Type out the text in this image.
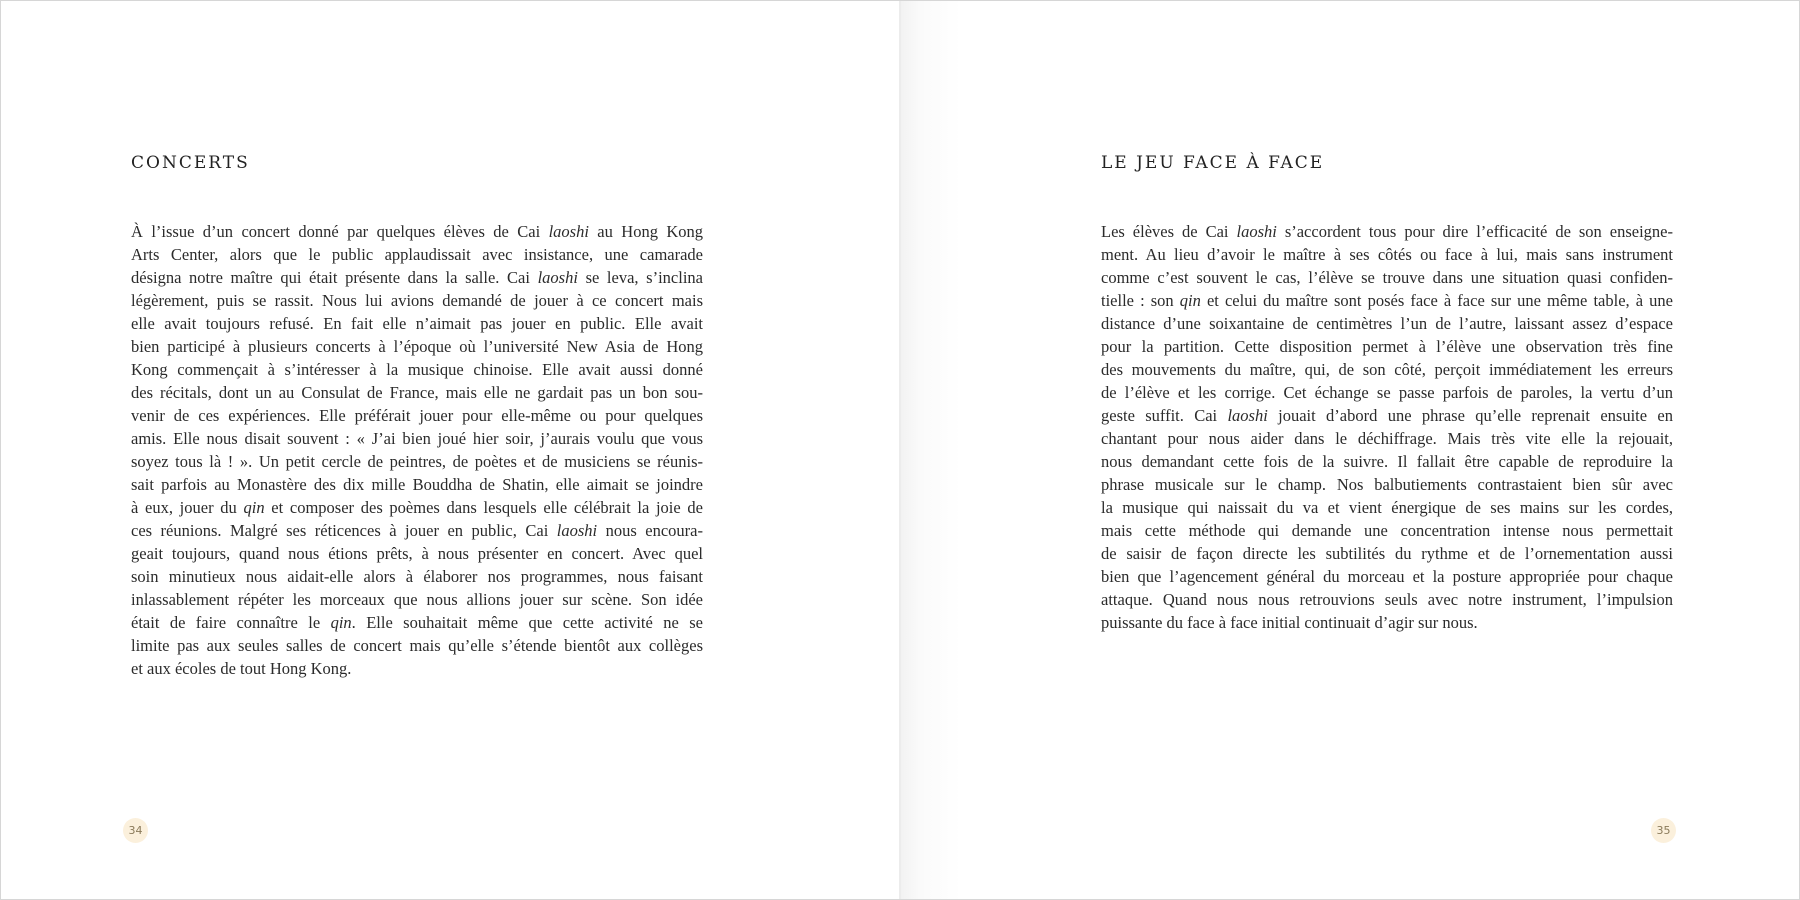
CONCERTS
À l’issue d’un concert donné par quelques élèves de Cai laoshi au Hong Kong
Arts Center, alors que le public applaudissait avec insistance, une camarade
désigna notre maître qui était présente dans la salle. Cai laoshi se leva, s’inclina
légèrement, puis se rassit. Nous lui avions demandé de jouer à ce concert mais
elle avait toujours refusé. En fait elle n’aimait pas jouer en public. Elle avait
bien participé à plusieurs concerts à l’époque où l’université New Asia de Hong
Kong commençait à s’intéresser à la musique chinoise. Elle avait aussi donné
des récitals, dont un au Consulat de France, mais elle ne gardait pas un bon sou-
venir de ces expériences. Elle préférait jouer pour elle-même ou pour quelques
amis. Elle nous disait souvent : « J’ai bien joué hier soir, j’aurais voulu que vous
soyez tous là ! ». Un petit cercle de peintres, de poètes et de musiciens se réunis-
sait parfois au Monastère des dix mille Bouddha de Shatin, elle aimait se joindre
à eux, jouer du qin et composer des poèmes dans lesquels elle célébrait la joie de
ces réunions. Malgré ses réticences à jouer en public, Cai laoshi nous encoura-
geait toujours, quand nous étions prêts, à nous présenter en concert. Avec quel
soin minutieux nous aidait-elle alors à élaborer nos programmes, nous faisant
inlassablement répéter les morceaux que nous allions jouer sur scène. Son idée
était de faire connaître le qin. Elle souhaitait même que cette activité ne se
limite pas aux seules salles de concert mais qu’elle s’étende bientôt aux collèges
et aux écoles de tout Hong Kong.
34
LE JEU FACE À FACE
Les élèves de Cai laoshi s’accordent tous pour dire l’efficacité de son enseigne-
ment. Au lieu d’avoir le maître à ses côtés ou face à lui, mais sans instrument
comme c’est souvent le cas, l’élève se trouve dans une situation quasi confiden-
tielle : son qin et celui du maître sont posés face à face sur une même table, à une
distance d’une soixantaine de centimètres l’un de l’autre, laissant assez d’espace
pour la partition. Cette disposition permet à l’élève une observation très fine
des mouvements du maître, qui, de son côté, perçoit immédiatement les erreurs
de l’élève et les corrige. Cet échange se passe parfois de paroles, la vertu d’un
geste suffit. Cai laoshi jouait d’abord une phrase qu’elle reprenait ensuite en
chantant pour nous aider dans le déchiffrage. Mais très vite elle la rejouait,
nous demandant cette fois de la suivre. Il fallait être capable de reproduire la
phrase musicale sur le champ. Nos balbutiements contrastaient bien sûr avec
la musique qui naissait du va et vient énergique de ses mains sur les cordes,
mais cette méthode qui demande une concentration intense nous permettait
de saisir de façon directe les subtilités du rythme et de l’ornementation aussi
bien que l’agencement général du morceau et la posture appropriée pour chaque
attaque. Quand nous nous retrouvions seuls avec notre instrument, l’impulsion
puissante du face à face initial continuait d’agir sur nous.
35
